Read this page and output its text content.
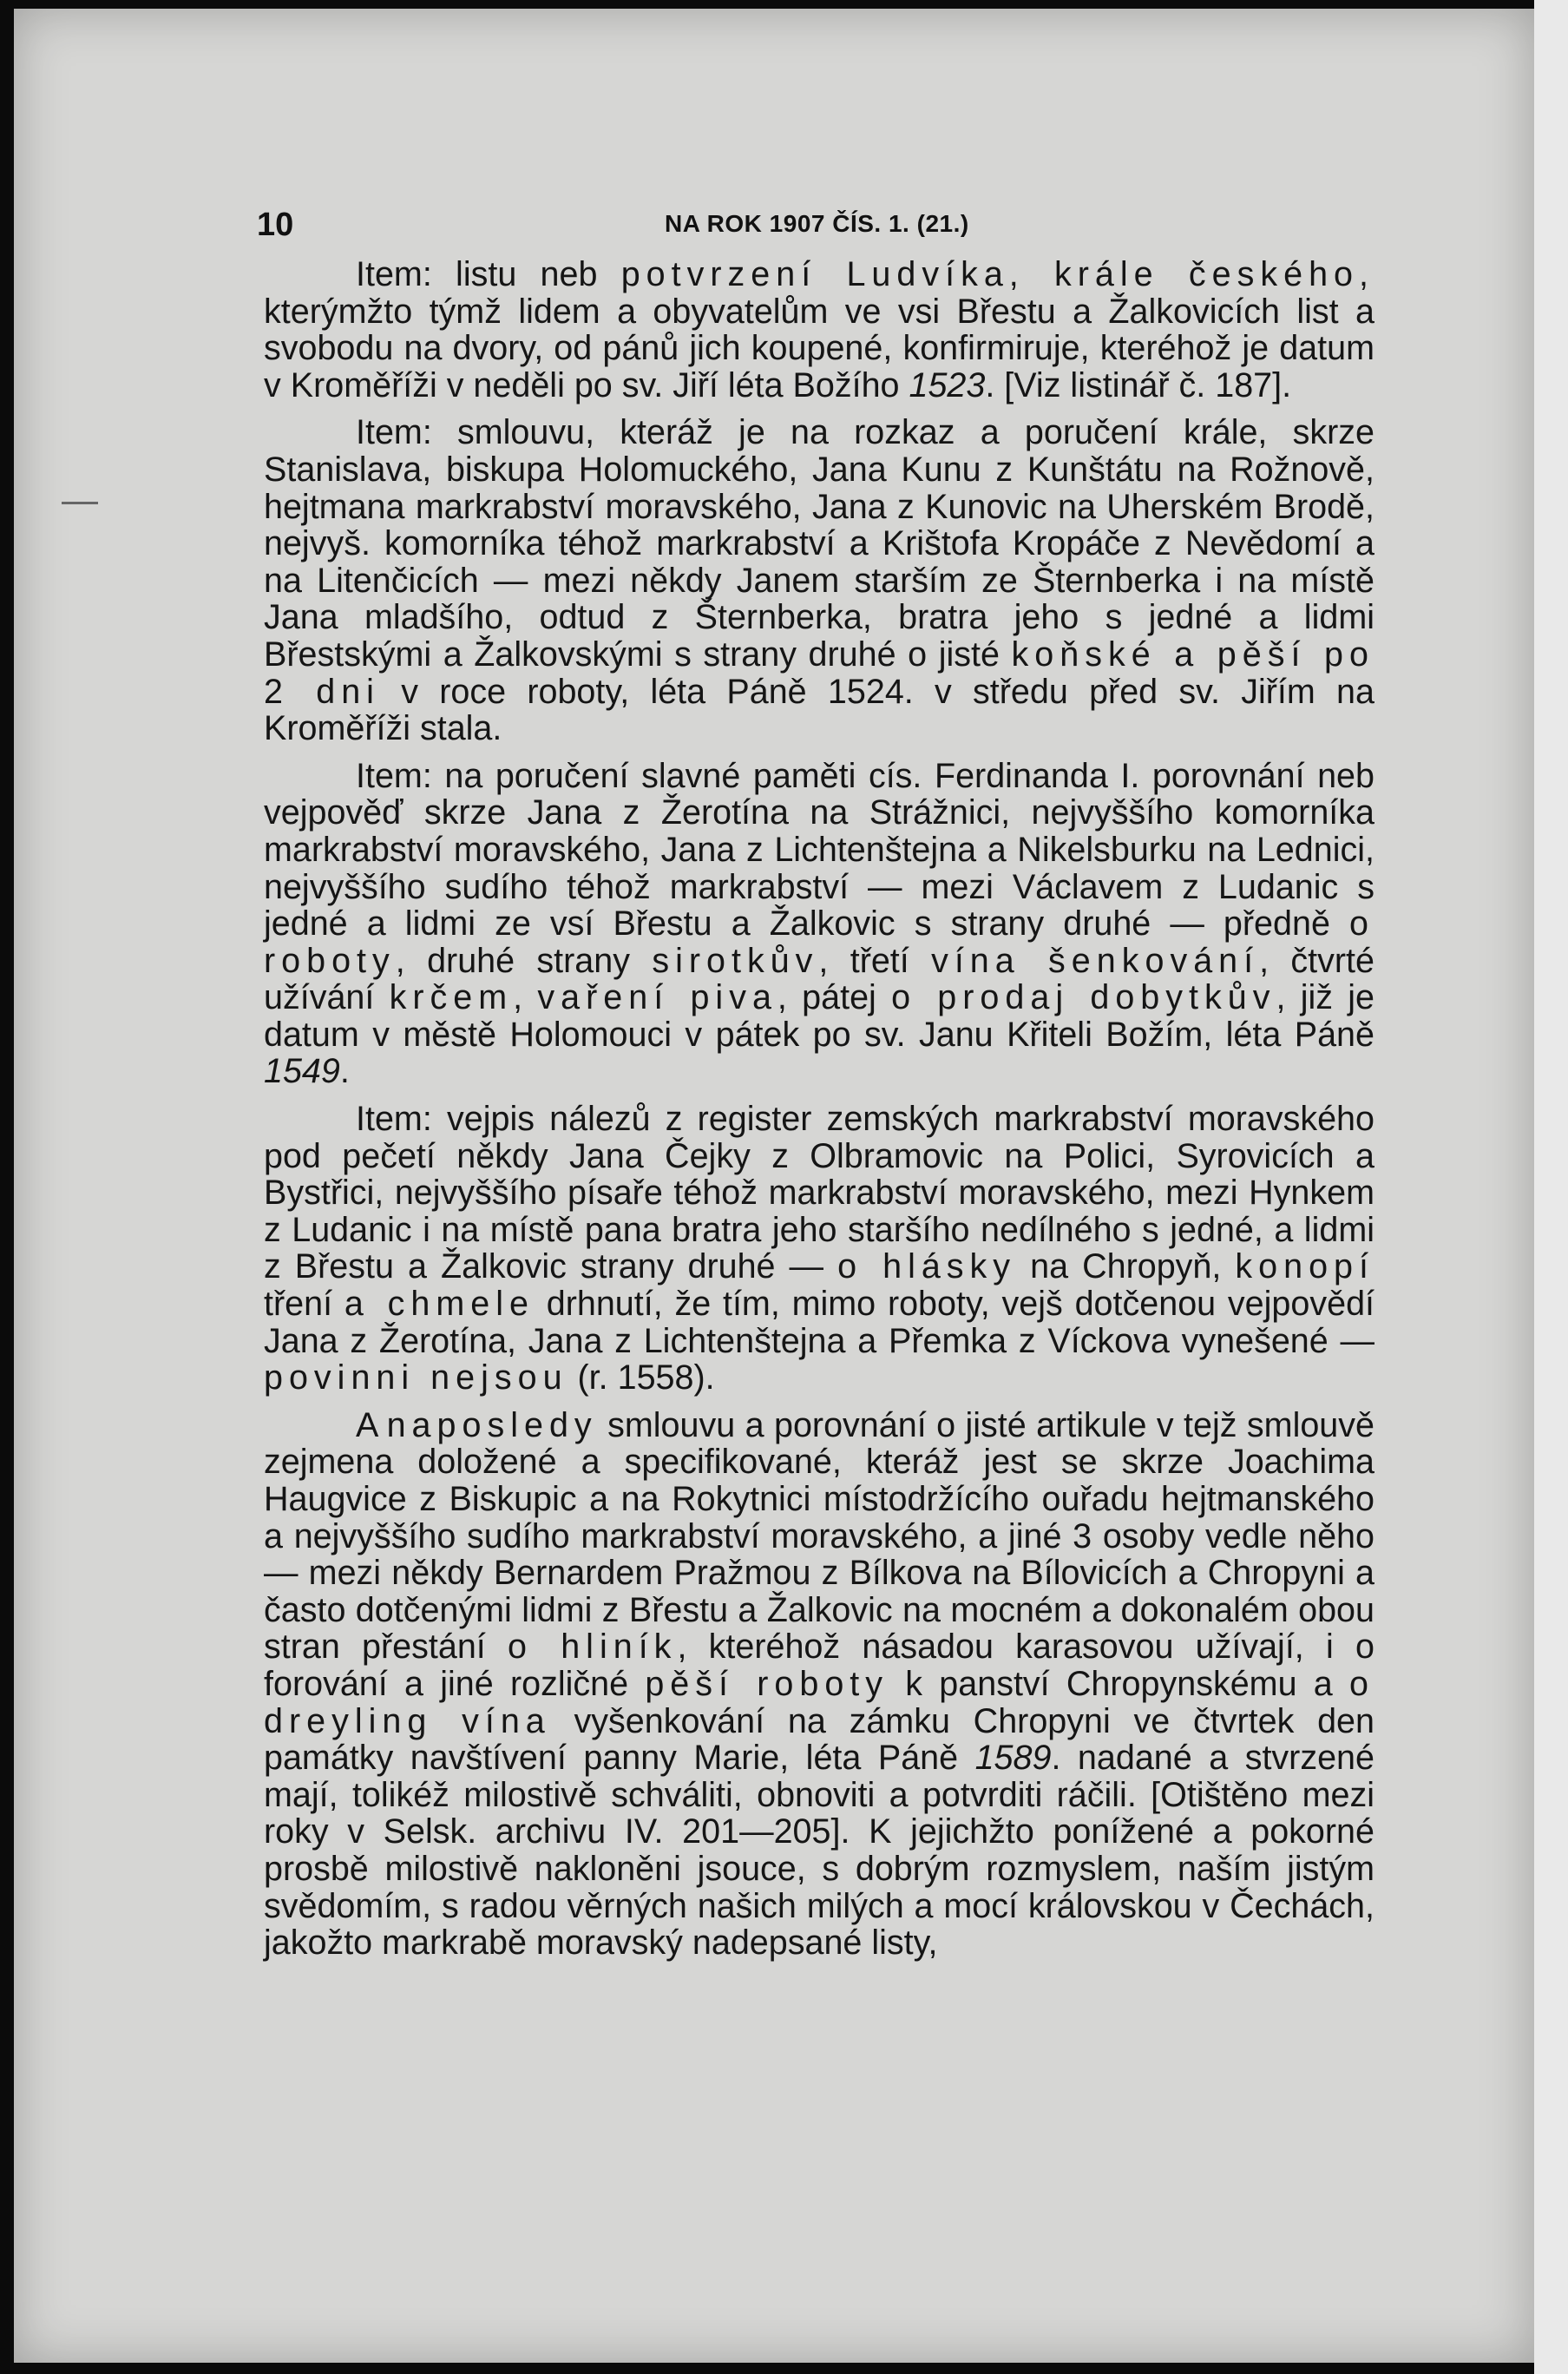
10	NA ROK 1907 ČÍS. 1. (21.)

Item: listu neb potvrzení Ludvíka, krále českého, kterýmžto týmž lidem a obyvatelům ve vsi Břestu a Žalkovicích list a svobodu na dvory, od pánů jich koupené, konfirmiruje, kteréhož je datum v Kroměříži v neděli po sv. Jiří léta Božího 1523. [Viz listinář č. 187].

Item: smlouvu, kteráž je na rozkaz a poručení krále, skrze Stanislava, biskupa Holomuckého, Jana Kunu z Kunštátu na Rožnově, hejtmana markrabství moravského, Jana z Kunovic na Uherském Brodě, nejvyš. komorníka téhož markrabství a Krištofa Kropáče z Nevědomí a na Litenčicích — mezi někdy Janem starším ze Šternberka i na místě Jana mladšího, odtud z Šternberka, bratra jeho s jedné a lidmi Břestskými a Žalkovskými s strany druhé o jisté koňské a pěší po 2 dni v roce roboty, léta Páně 1524. v středu před sv. Jiřím na Kroměříži stala.

Item: na poručení slavné paměti cís. Ferdinanda I. porovnání neb vejpověď skrze Jana z Žerotína na Strážnici, nejvyššího komorníka markrabství moravského, Jana z Lichtenštejna a Nikelsburku na Lednici, nejvyššího sudího téhož markrabství — mezi Václavem z Ludanic s jedné a lidmi ze vsí Břestu a Žalkovic s strany druhé — předně o roboty, druhé strany sirotkův, třetí vína šenkování, čtvrté užívání krčem, vaření piva, pátej o prodaj dobytkův, již je datum v městě Holomouci v pátek po sv. Janu Křiteli Božím, léta Páně 1549.

Item: vejpis nálezů z register zemských markrabství moravského pod pečetí někdy Jana Čejky z Olbramovic na Polici, Syrovicích a Bystřici, nejvyššího písaře téhož markrabství moravského, mezi Hynkem z Ludanic i na místě pana bratra jeho staršího nedílného s jedné, a lidmi z Břestu a Žalkovic strany druhé — o hlásky na Chropyň, konopí tření a chmele drhnutí, že tím, mimo roboty, vejš dotčenou vejpovědí Jana z Žerotína, Jana z Lichtenštejna a Přemka z Víckova vynešené — povinni nejsou (r. 1558).

A naposledy smlouvu a porovnání o jisté artikule v tejž smlouvě zejmena doložené a specifikované, kteráž jest se skrze Joachima Haugvice z Biskupic a na Rokytnici místodržícího ouřadu hejtmanského a nejvyššího sudího markrabství moravského, a jiné 3 osoby vedle něho — mezi někdy Bernardem Pražmou z Bílkova na Bílovicích a Chropyni a často dotčenými lidmi z Břestu a Žalkovic na mocném a dokonalém obou stran přestání o hliník, kteréhož násadou karasovou užívají, i o forování a jiné rozličné pěší roboty k panství Chropynskému a o dreyling vína vyšenkování na zámku Chropyni ve čtvrtek den památky navštívení panny Marie, léta Páně 1589. nadané a stvrzené mají, tolikéž milostivě schváliti, obnoviti a potvrditi ráčili. [Otištěno mezi roky v Selsk. archivu IV. 201—205]. K jejichžto ponížené a pokorné prosbě milostivě nakloněni jsouce, s dobrým rozmyslem, naším jistým svědomím, s radou věrných našich milých a mocí královskou v Čechách, jakožto markrabě moravský nadepsané listy,
